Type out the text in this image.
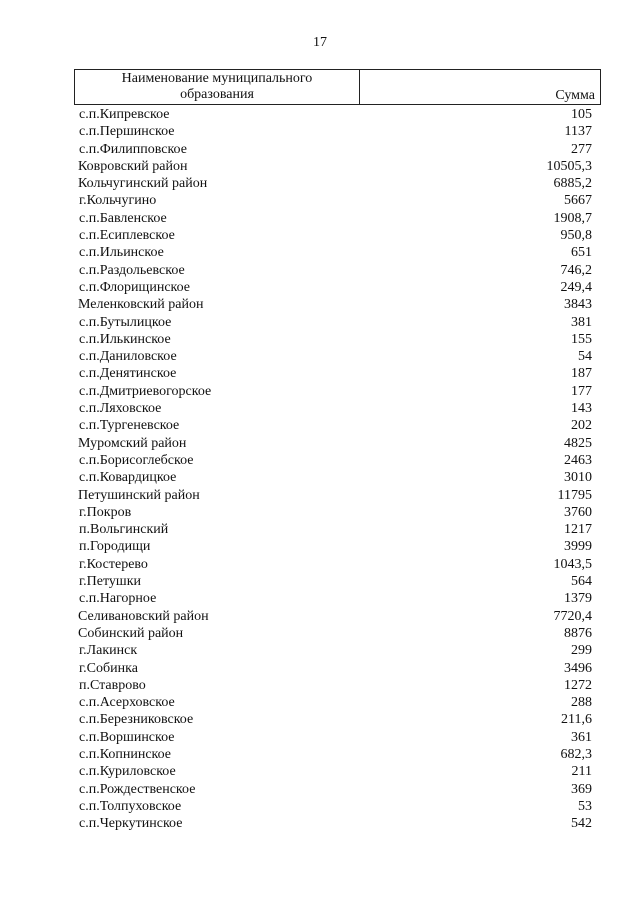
17
Наименование муниципального образования	Сумма
с.п.Кипревское	105
с.п.Першинское	1137
с.п.Филипповское	277
Ковровский район	10505,3
Кольчугинский район	6885,2
г.Кольчугино	5667
с.п.Бавленское	1908,7
с.п.Есиплевское	950,8
с.п.Ильинское	651
с.п.Раздольевское	746,2
с.п.Флорищинское	249,4
Меленковский район	3843
с.п.Бутылицкое	381
с.п.Илькинское	155
с.п.Даниловское	54
с.п.Денятинское	187
с.п.Дмитриевогорское	177
с.п.Ляховское	143
с.п.Тургеневское	202
Муромский район	4825
с.п.Борисоглебское	2463
с.п.Ковардицкое	3010
Петушинский район	11795
г.Покров	3760
п.Вольгинский	1217
п.Городищи	3999
г.Костерево	1043,5
г.Петушки	564
с.п.Нагорное	1379
Селивановский район	7720,4
Собинский район	8876
г.Лакинск	299
г.Собинка	3496
п.Ставрово	1272
с.п.Асерховское	288
с.п.Березниковское	211,6
с.п.Воршинское	361
с.п.Копнинское	682,3
с.п.Куриловское	211
с.п.Рождественское	369
с.п.Толпуховское	53
с.п.Черкутинское	542
